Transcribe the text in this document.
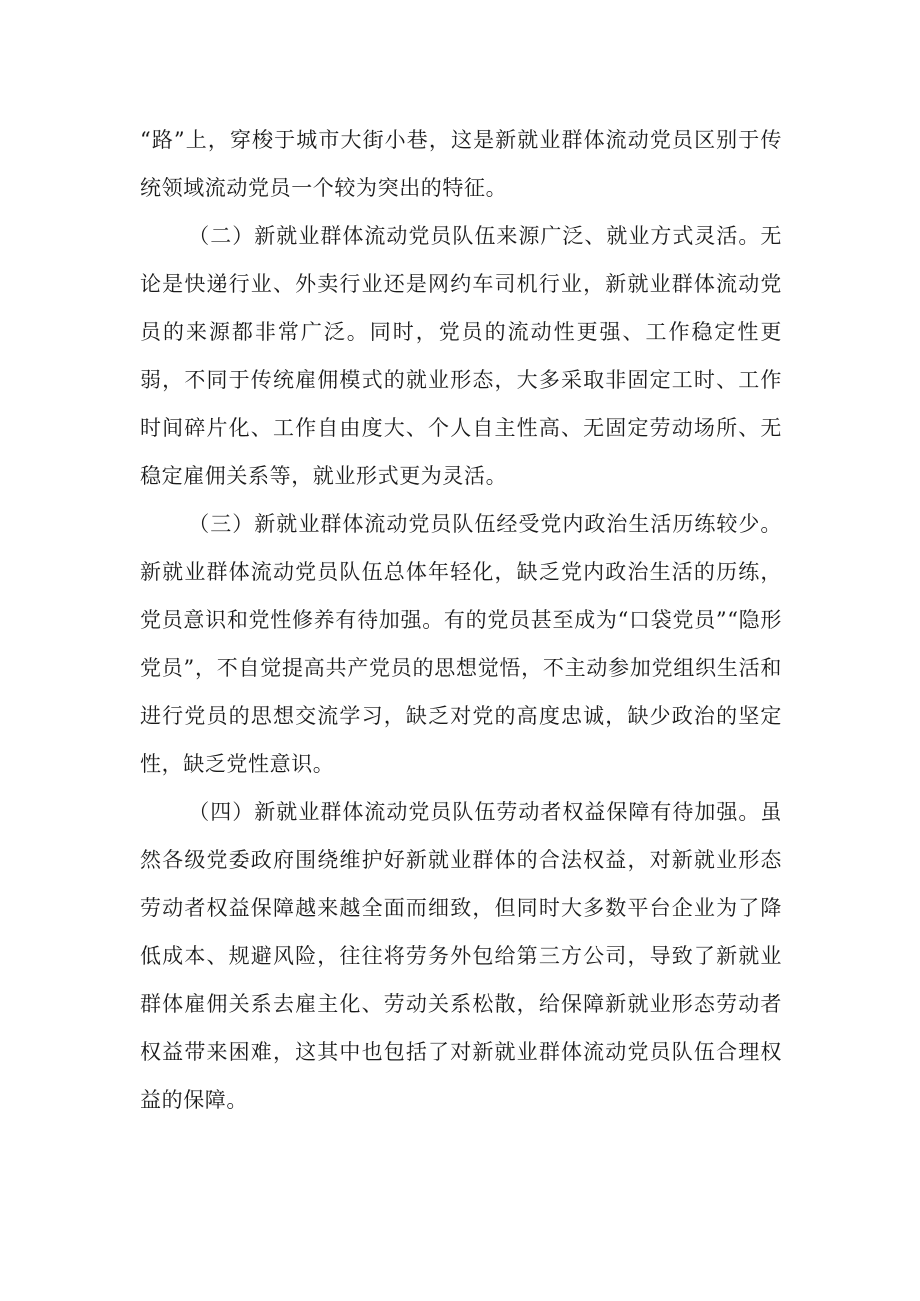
“路”上，穿梭于城市大街小巷，这是新就业群体流动党员区别于传统领域流动党员一个较为突出的特征。

（二）新就业群体流动党员队伍来源广泛、就业方式灵活。无论是快递行业、外卖行业还是网约车司机行业，新就业群体流动党员的来源都非常广泛。同时，党员的流动性更强、工作稳定性更弱，不同于传统雇佣模式的就业形态，大多采取非固定工时、工作时间碎片化、工作自由度大、个人自主性高、无固定劳动场所、无稳定雇佣关系等，就业形式更为灵活。

（三）新就业群体流动党员队伍经受党内政治生活历练较少。新就业群体流动党员队伍总体年轻化，缺乏党内政治生活的历练，党员意识和党性修养有待加强。有的党员甚至成为“口袋党员”“隐形党员”，不自觉提高共产党员的思想觉悟，不主动参加党组织生活和进行党员的思想交流学习，缺乏对党的高度忠诚，缺少政治的坚定性，缺乏党性意识。

（四）新就业群体流动党员队伍劳动者权益保障有待加强。虽然各级党委政府围绕维护好新就业群体的合法权益，对新就业形态劳动者权益保障越来越全面而细致，但同时大多数平台企业为了降低成本、规避风险，往往将劳务外包给第三方公司，导致了新就业群体雇佣关系去雇主化、劳动关系松散，给保障新就业形态劳动者权益带来困难，这其中也包括了对新就业群体流动党员队伍合理权益的保障。
